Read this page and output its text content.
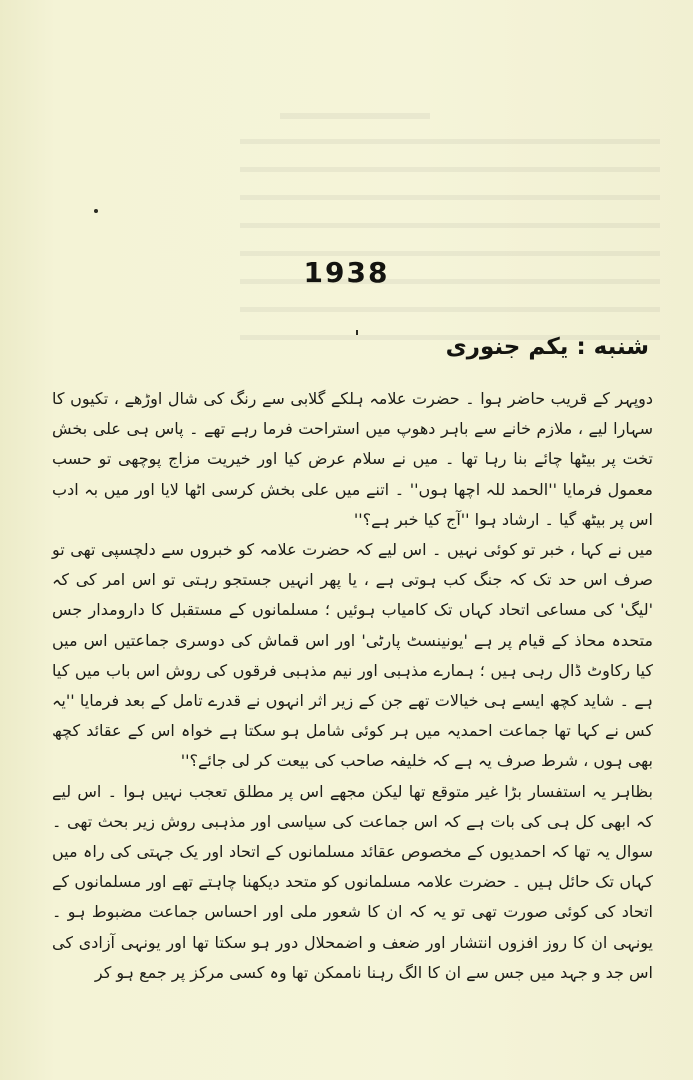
1938
شنبه : یکم جنوری

دوپہر کے قریب حاضر ہوا ۔ حضرت علامہ ہلکے گلابی سے رنگ کی شال اوڑھے ، تکیوں کا سہارا لیے ، ملازم خانے سے باہر دھوپ میں استراحت فرما رہے تھے ۔ پاس ہی علی بخش تخت پر بیٹھا چائے بنا رہا تھا ۔ میں نے سلام عرض کیا اور خیریت مزاج پوچھی تو حسب معمول فرمایا ''الحمد للہ اچھا ہوں'' ۔ اتنے میں علی بخش کرسی اٹھا لایا اور میں بہ ادب اس پر بیٹھ گیا ۔ ارشاد ہوا ''آج کیا خبر ہے؟''

میں نے کہا ، خبر تو کوئی نہیں ۔ اس لیے کہ حضرت علامہ کو خبروں سے دلچسپی تھی تو صرف اس حد تک کہ جنگ کب ہوتی ہے ، یا پھر انہیں جستجو رہتی تو اس امر کی کہ 'لیگ' کی مساعی اتحاد کہاں تک کامیاب ہوئیں ؛ مسلمانوں کے مستقبل کا دارومدار جس متحدہ محاذ کے قیام پر ہے 'یونینسٹ پارٹی' اور اس قماش کی دوسری جماعتیں اس میں کیا رکاوٹ ڈال رہی ہیں ؛ ہمارے مذہبی اور نیم مذہبی فرقوں کی روش اس باب میں کیا ہے ۔ شاید کچھ ایسے ہی خیالات تھے جن کے زیر اثر انہوں نے قدرے تامل کے بعد فرمایا ''یہ کس نے کہا تھا جماعت احمدیہ میں ہر کوئی شامل ہو سکتا ہے خواہ اس کے عقائد کچھ بھی ہوں ، شرط صرف یہ ہے کہ خلیفہ صاحب کی بیعت کر لی جائے؟''

بظاہر یہ استفسار بڑا غیر متوقع تھا لیکن مجھے اس پر مطلق تعجب نہیں ہوا ۔ اس لیے کہ ابھی کل ہی کی بات ہے کہ اس جماعت کی سیاسی اور مذہبی روش زیر بحث تھی ۔ سوال یہ تھا کہ احمدیوں کے مخصوص عقائد مسلمانوں کے اتحاد اور یک جہتی کی راہ میں کہاں تک حائل ہیں ۔ حضرت علامہ مسلمانوں کو متحد دیکھنا چاہتے تھے اور مسلمانوں کے اتحاد کی کوئی صورت تھی تو یہ کہ ان کا شعور ملی اور احساس جماعت مضبوط ہو ۔ یونہی ان کا روز افزوں انتشار اور ضعف و اضمحلال دور ہو سکتا تھا اور یونہی آزادی کی اس جد و جہد میں جس سے ان کا الگ رہنا ناممکن تھا وہ کسی مرکز پر جمع ہو کر
